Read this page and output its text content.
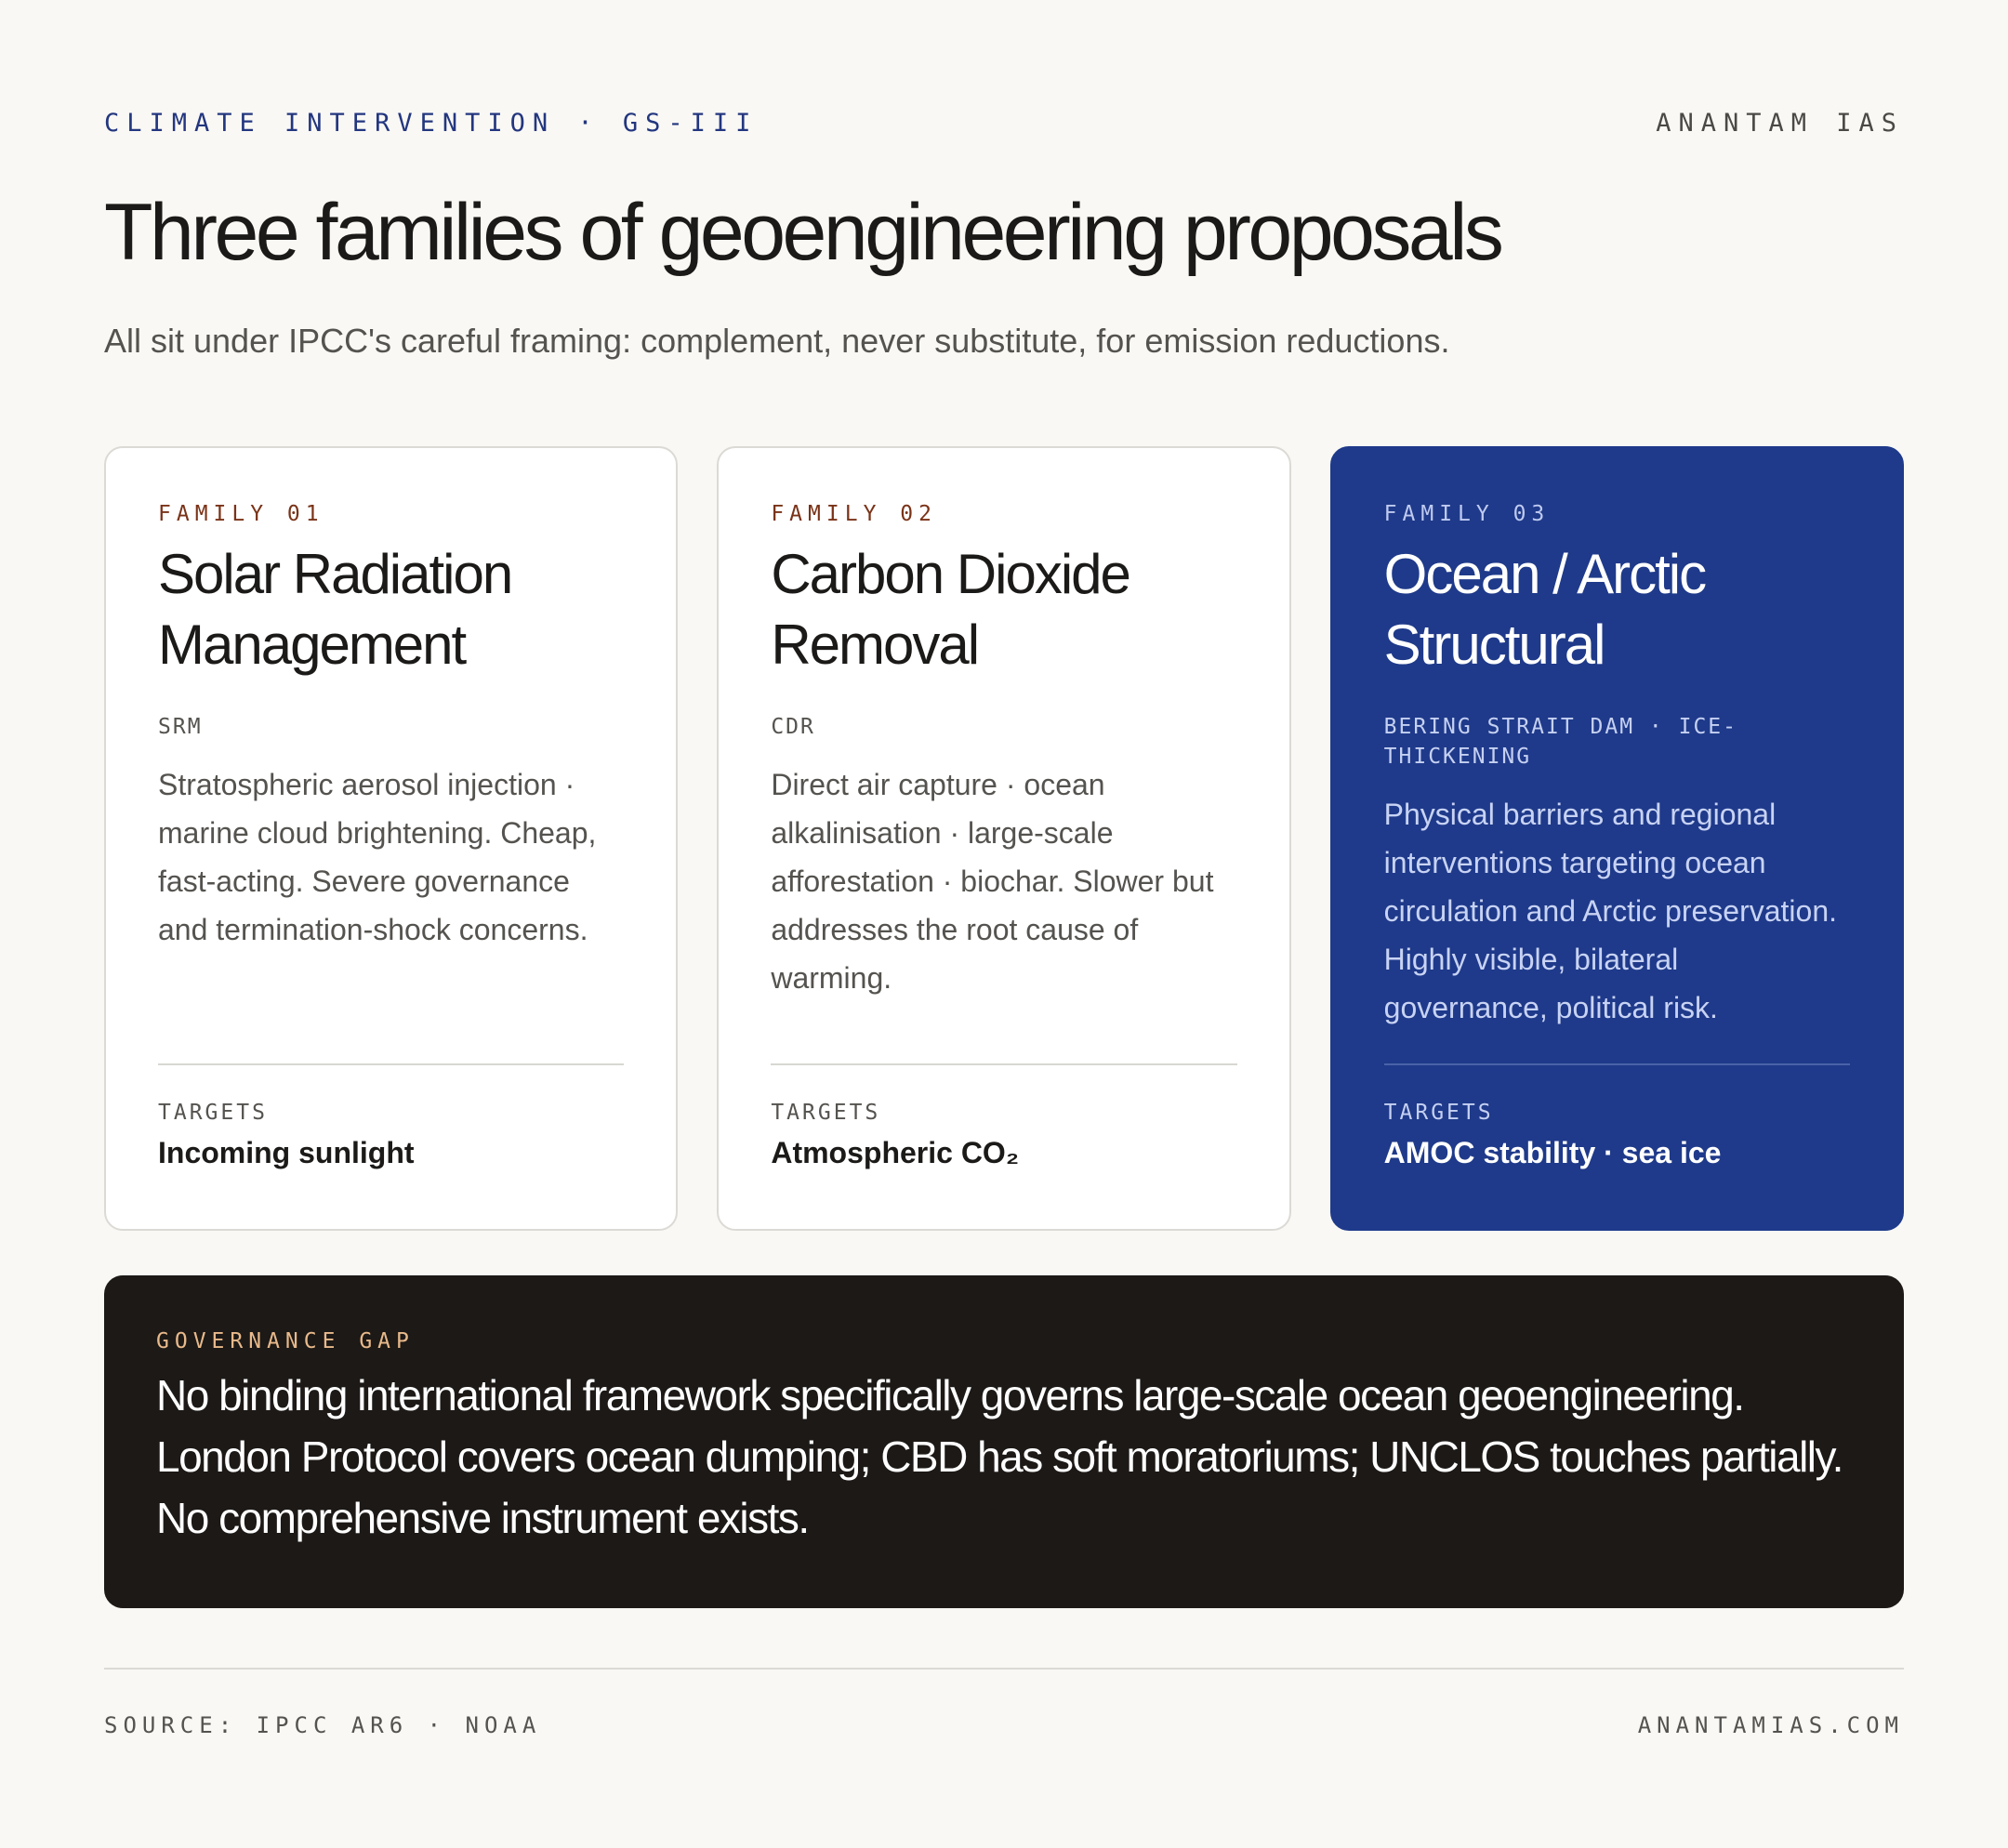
CLIMATE INTERVENTION · GS-III	ANANTAM IAS
Three families of geoengineering proposals

All sit under IPCC's careful framing: complement, never substitute, for emission reductions.

FAMILY 01
Solar Radiation
Management
SRM

Stratospheric aerosol injection · marine cloud brightening. Cheap, fast-acting. Severe governance and termination-shock concerns.

TARGETS
Incoming sunlight
FAMILY 02
Carbon Dioxide
Removal
CDR

Direct air capture · ocean alkalinisation · large-scale afforestation · biochar. Slower but addresses the root cause of warming.

TARGETS
Atmospheric CO₂
FAMILY 03
Ocean / Arctic
Structural
BERING STRAIT DAM · ICE-THICKENING

Physical barriers and regional interventions targeting ocean circulation and Arctic preservation. Highly visible, bilateral governance, political risk.

TARGETS
AMOC stability · sea ice
GOVERNANCE GAP

No binding international framework specifically governs large-scale ocean geoengineering. London Protocol covers ocean dumping; CBD has soft moratoriums; UNCLOS touches partially. No comprehensive instrument exists.

SOURCE: IPCC AR6 · NOAA	ANANTAMIAS.COM
